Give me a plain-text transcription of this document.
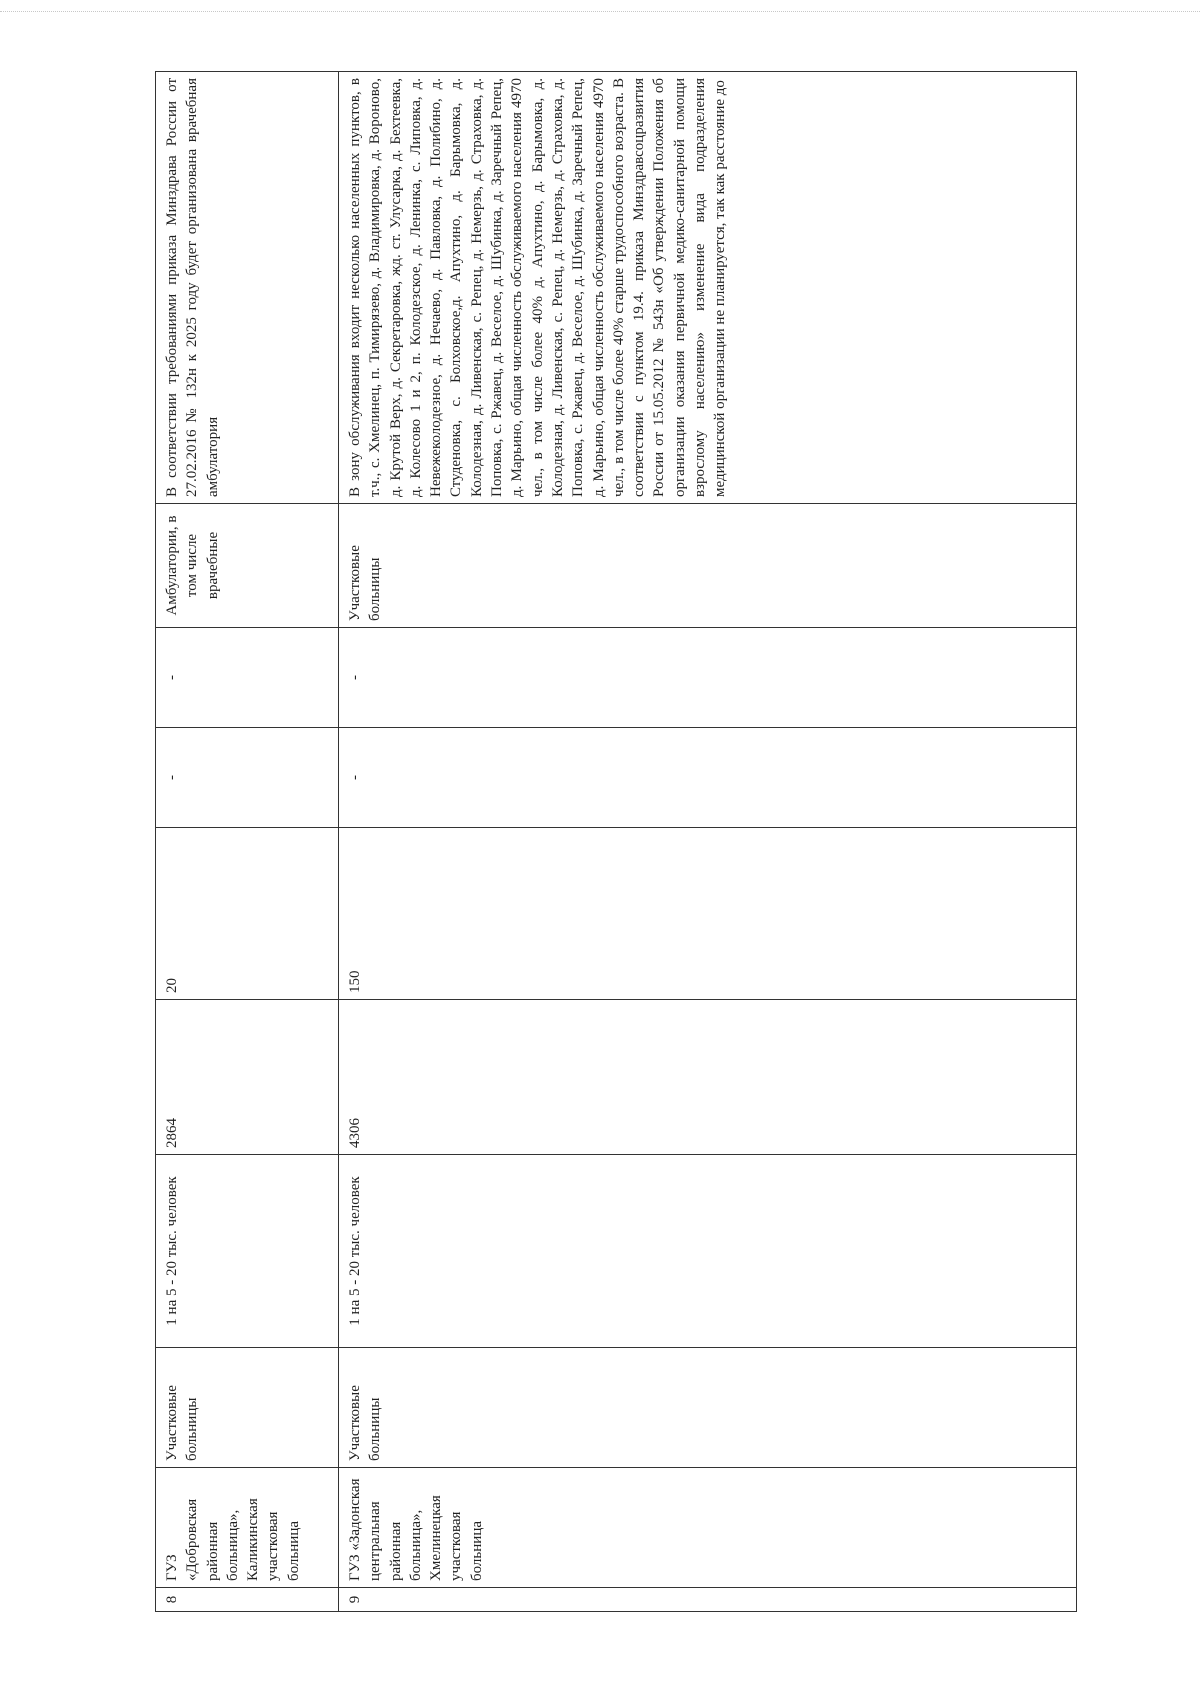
8	ГУЗ «Добровская районная больница», Каликинская участковая больница	Участковые больницы	1 на 5 - 20 тыс. человек	2864	20	-	-	Амбулатории, в том числе врачебные	В соответствии требованиями приказа Минздрава России от 27.02.2016 № 132н к 2025 году будет организована врачебная амбулатория
9	ГУЗ «Задонская центральная районная больница», Хмелинецкая участковая больница	Участковые больницы	1 на 5 - 20 тыс. человек	4306	150	-	-	Участковые больницы	В зону обслуживания входит несколько населенных пунктов, в т.ч., с. Хмелинец, п. Тимирязево, д. Владимировка, д. Вороново, д. Крутой Верх, д. Секретаровка, жд. ст. Улусарка, д. Бехтеевка, д. Колесово 1 и 2, п. Колодезское, д. Ленинка, с. Липовка, д. Невежеколодезное, д. Нечаево, д. Павловка, д. Полибино, д. Студеновка, с. Болховское,д. Апухтино, д. Барымовка, д. Колодезная, д. Ливенская, с. Репец, д. Немерзь, д. Страховка, д. Поповка, с. Ржавец, д. Веселое, д. Шубинка, д. Заречный Репец, д. Марьино, общая численность обслуживаемого населения 4970 чел., в том числе более 40% д. Апухтино, д. Барымовка, д. Колодезная, д. Ливенская, с. Репец, д. Немерзь, д. Страховка, д. Поповка, с. Ржавец, д. Веселое, д. Шубинка, д. Заречный Репец, д. Марьино, общая численность обслуживаемого населения 4970 чел., в том числе более 40% старше трудоспособного возраста. В соответствии с пунктом 19.4. приказа Минздравсоцразвития России от 15.05.2012 № 543н «Об утверждении Положения об организации оказания первичной медико-санитарной помощи взрослому населению» изменение вида подразделения медицинской организации не планируется, так как расстояние до
